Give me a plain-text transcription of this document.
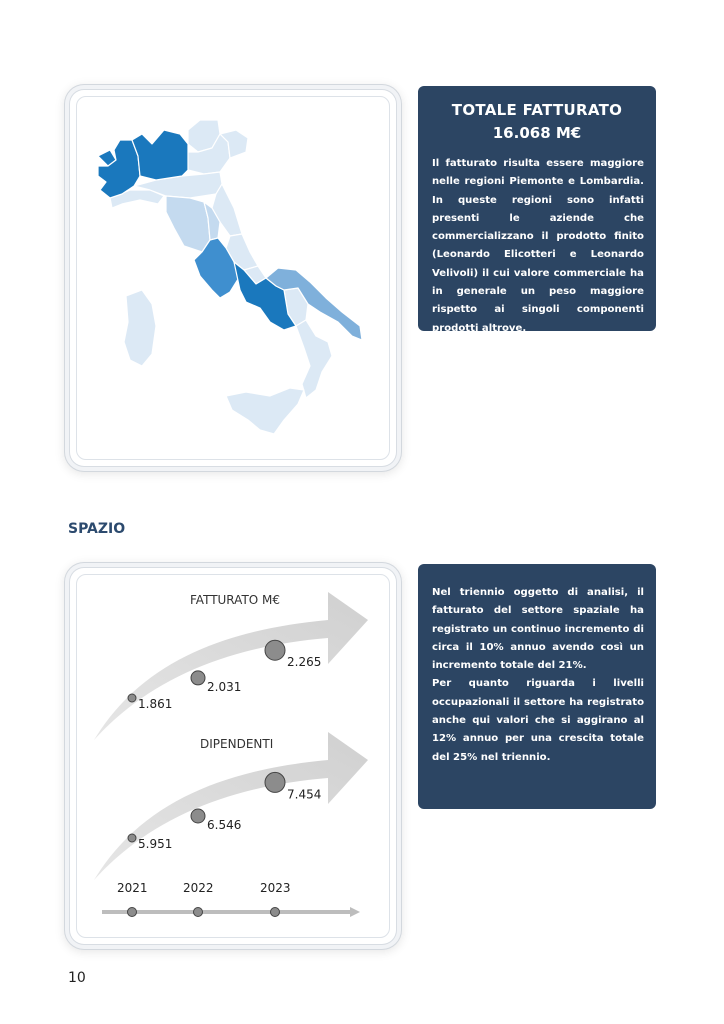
TOTALE FATTURATO
16.068 M€
Il fatturato risulta essere maggiore nelle regioni Piemonte e Lombardia. In queste regioni sono infatti presenti le aziende che commercializzano il prodotto finito (Leonardo Elicotteri e Leonardo Velivoli) il cui valore commerciale ha in generale un peso maggiore rispetto ai singoli componenti prodotti altrove.
SPAZIO
FATTURATO M€
DIPENDENTI
1.861
2.031
2.265
5.951
6.546
7.454
2021	2022	2023
Nel triennio oggetto di analisi, il fatturato del settore spaziale ha registrato un continuo incremento di circa il 10% annuo avendo così un incremento totale del 21%.
Per quanto riguarda i livelli occupazionali il settore ha registrato anche qui valori che si aggirano al 12% annuo per una crescita totale del 25% nel triennio.
10
